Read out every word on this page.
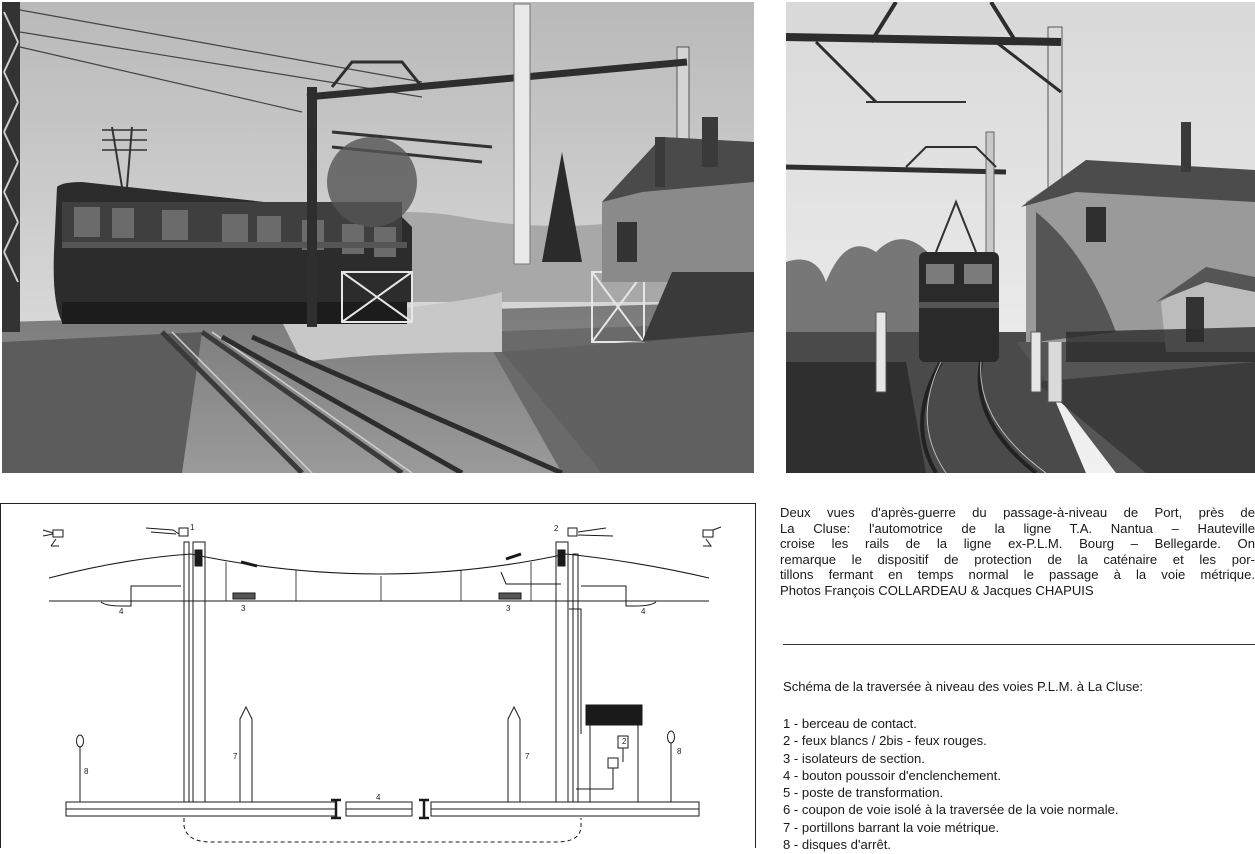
1	2
3	3
4	4
2
7	7
8
8
4
Deux vues d'après-guerre du passage-à-niveau de Port, près de
La Cluse: l'automotrice de la ligne T.A. Nantua – Hauteville
croise les rails de la ligne ex-P.L.M. Bourg – Bellegarde. On
remarque le dispositif de protection de la caténaire et les por-
tillons fermant en temps normal le passage à la voie métrique.
Photos François COLLARDEAU & Jacques CHAPUIS
Schéma de la traversée à niveau des voies P.L.M. à La Cluse:
1 - berceau de contact.
2 - feux blancs / 2bis - feux rouges.
3 - isolateurs de section.
4 - bouton poussoir d'enclenchement.
5 - poste de transformation.
6 - coupon de voie isolé à la traversée de la voie normale.
7 - portillons barrant la voie métrique.
8 - disques d'arrêt.
